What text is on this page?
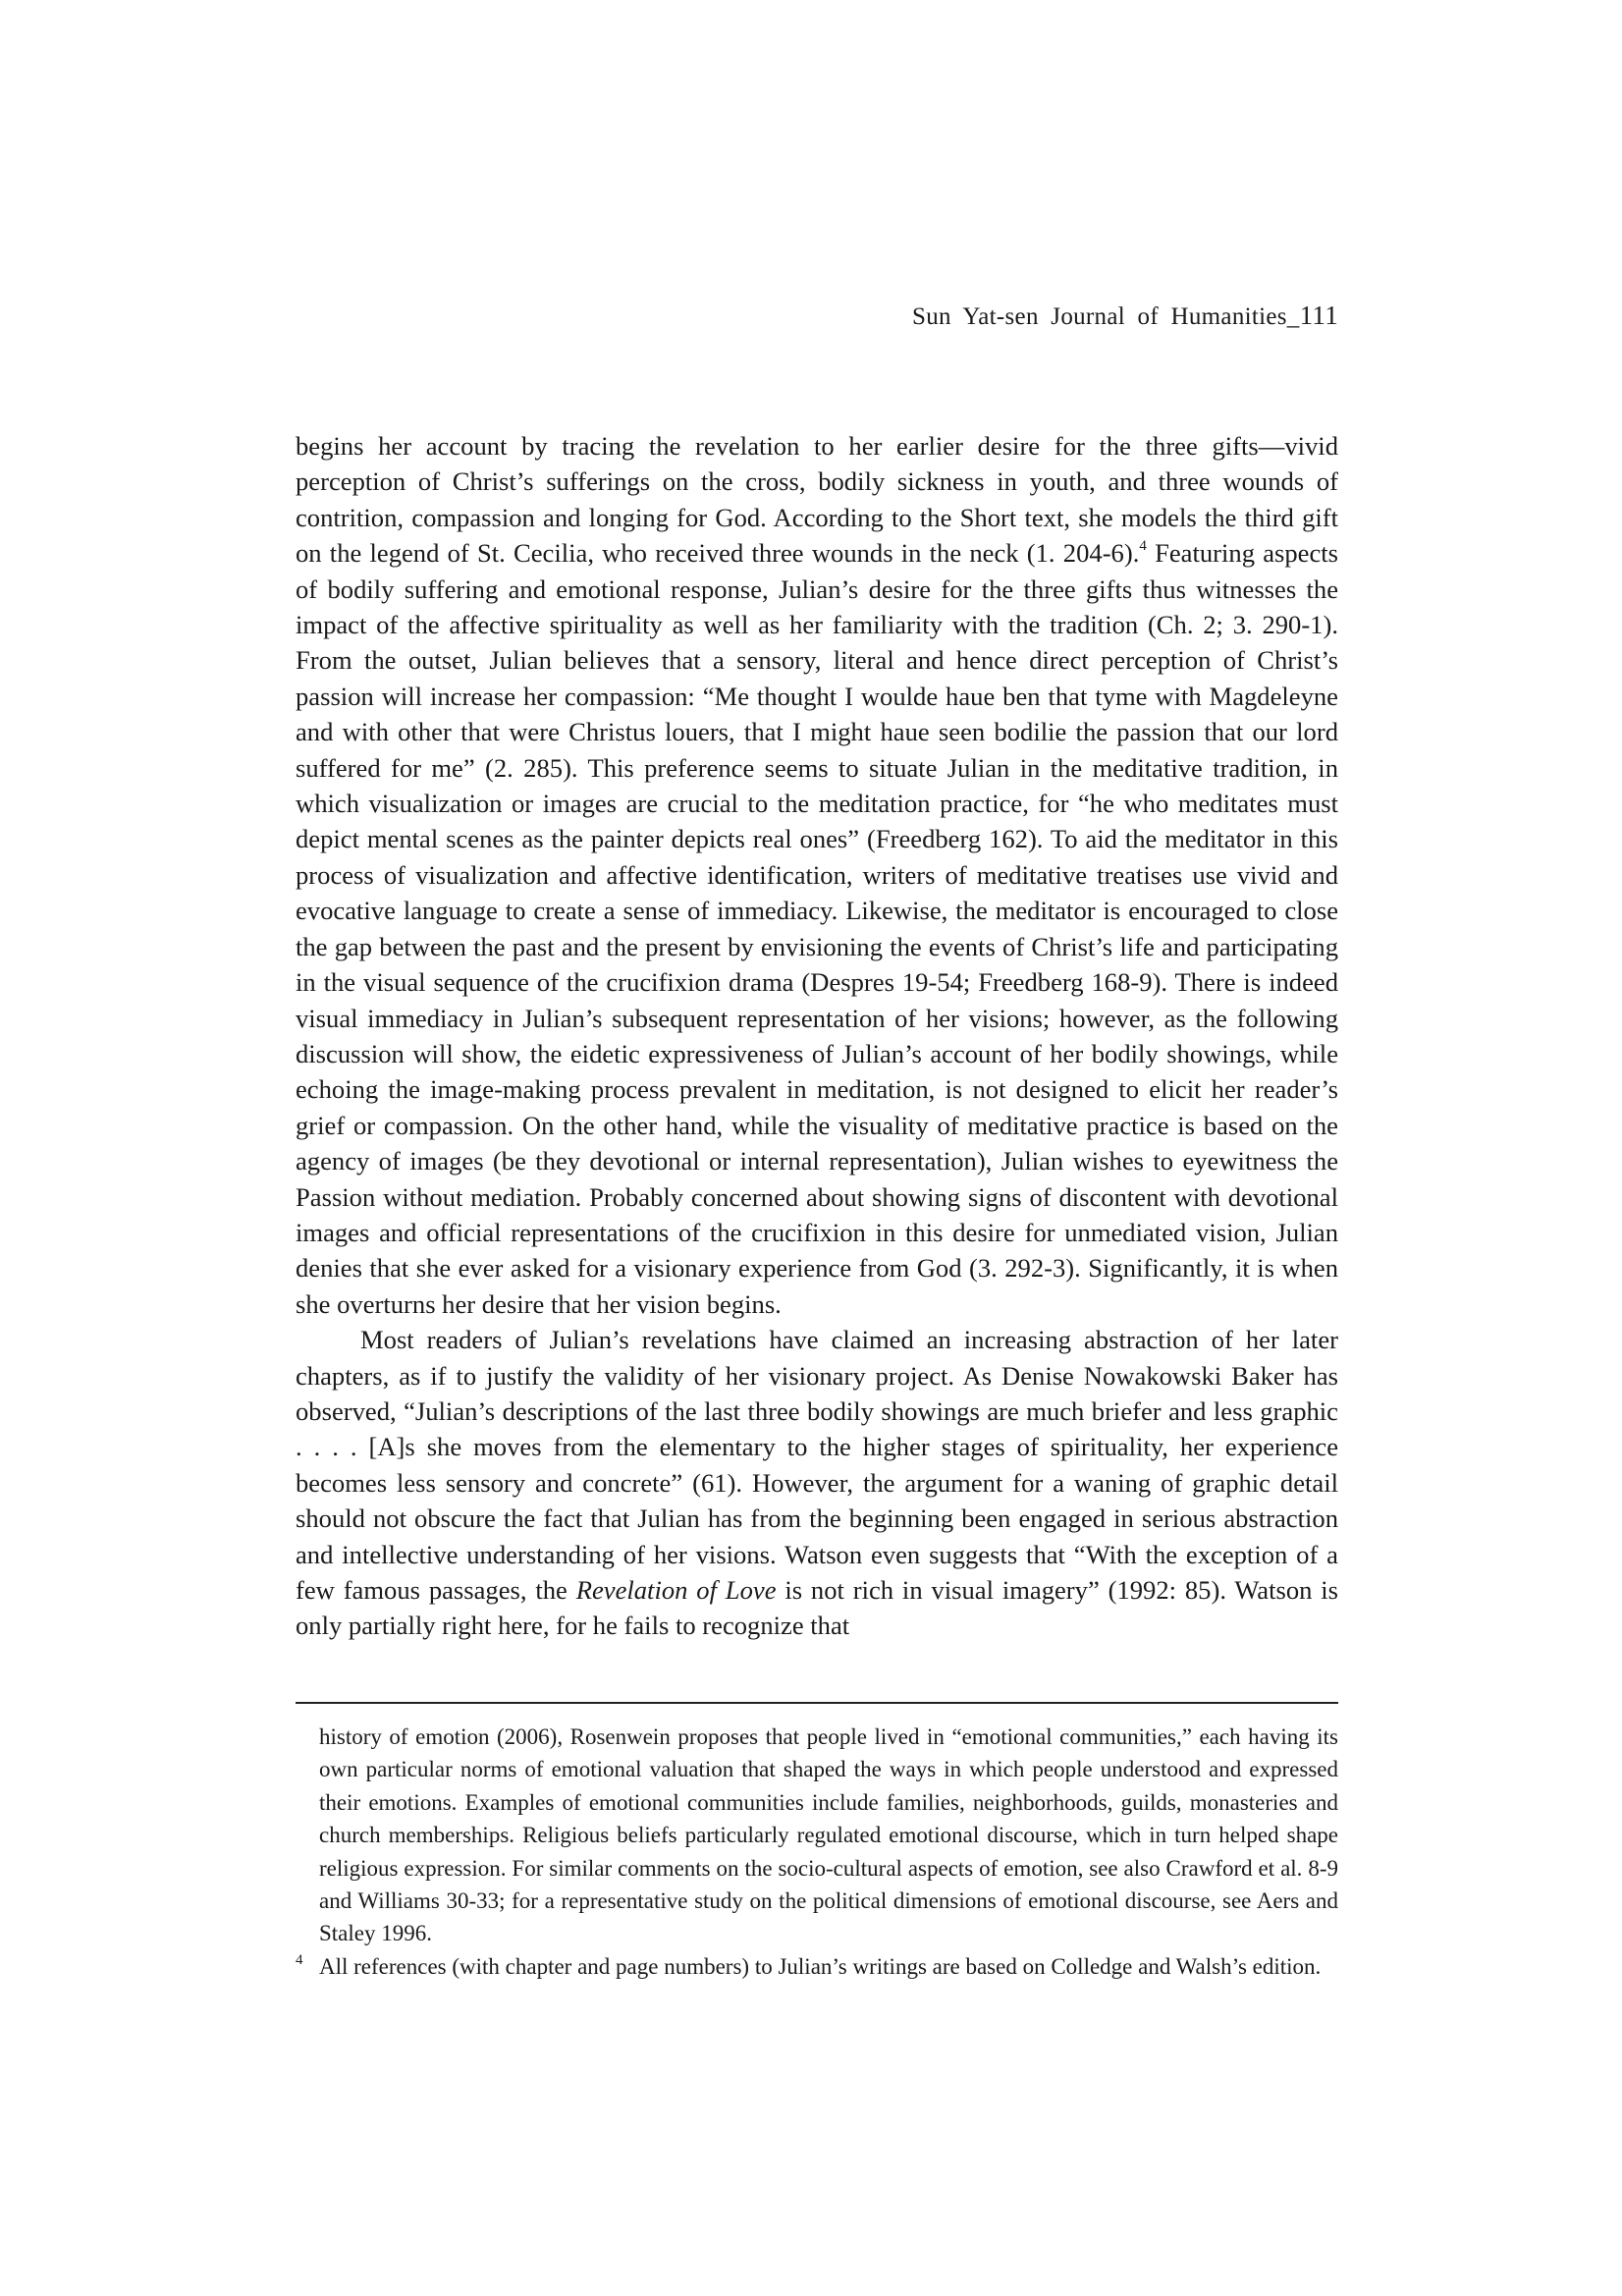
Sun Yat-sen Journal of Humanities_111

begins her account by tracing the revelation to her earlier desire for the three gifts—vivid perception of Christ’s sufferings on the cross, bodily sickness in youth, and three wounds of contrition, compassion and longing for God. According to the Short text, she models the third gift on the legend of St. Cecilia, who received three wounds in the neck (1. 204-6).$^4$ Featuring aspects of bodily suffering and emotional response, Julian’s desire for the three gifts thus witnesses the impact of the affective spirituality as well as her familiarity with the tradition (Ch. 2; 3. 290-1). From the outset, Julian believes that a sensory, literal and hence direct perception of Christ’s passion will increase her compassion: “Me thought I woulde haue ben that tyme with Magdeleyne and with other that were Christus louers, that I might haue seen bodilie the passion that our lord suffered for me” (2. 285). This preference seems to situate Julian in the meditative tradition, in which visualization or images are crucial to the meditation practice, for “he who meditates must depict mental scenes as the painter depicts real ones” (Freedberg 162). To aid the meditator in this process of visualization and affective identification, writers of meditative treatises use vivid and evocative language to create a sense of immediacy. Likewise, the meditator is encouraged to close the gap between the past and the present by envisioning the events of Christ’s life and participating in the visual sequence of the crucifixion drama (Despres 19-54; Freedberg 168-9). There is indeed visual immediacy in Julian’s subsequent representation of her visions; however, as the following discussion will show, the eidetic expressiveness of Julian’s account of her bodily showings, while echoing the image-making process prevalent in meditation, is not designed to elicit her reader’s grief or compassion. On the other hand, while the visuality of meditative practice is based on the agency of images (be they devotional or internal representation), Julian wishes to eyewitness the Passion without mediation. Probably concerned about showing signs of discontent with devotional images and official representations of the crucifixion in this desire for unmediated vision, Julian denies that she ever asked for a visionary experience from God (3. 292-3). Significantly, it is when she overturns her desire that her vision begins.

Most readers of Julian’s revelations have claimed an increasing abstraction of her later chapters, as if to justify the validity of her visionary project. As Denise Nowakowski Baker has observed, “Julian’s descriptions of the last three bodily showings are much briefer and less graphic . . . . [A]s she moves from the elementary to the higher stages of spirituality, her experience becomes less sensory and concrete” (61). However, the argument for a waning of graphic detail should not obscure the fact that Julian has from the beginning been engaged in serious abstraction and intellective understanding of her visions. Watson even suggests that “With the exception of a few famous passages, the Revelation of Love is not rich in visual imagery” (1992: 85). Watson is only partially right here, for he fails to recognize that

history of emotion (2006), Rosenwein proposes that people lived in “emotional communities,” each having its own particular norms of emotional valuation that shaped the ways in which people understood and expressed their emotions. Examples of emotional communities include families, neighborhoods, guilds, monasteries and church memberships. Religious beliefs particularly regulated emotional discourse, which in turn helped shape religious expression. For similar comments on the socio-cultural aspects of emotion, see also Crawford et al. 8-9 and Williams 30-33; for a representative study on the political dimensions of emotional discourse, see Aers and Staley 1996.

4 All references (with chapter and page numbers) to Julian’s writings are based on Colledge and Walsh’s edition.
